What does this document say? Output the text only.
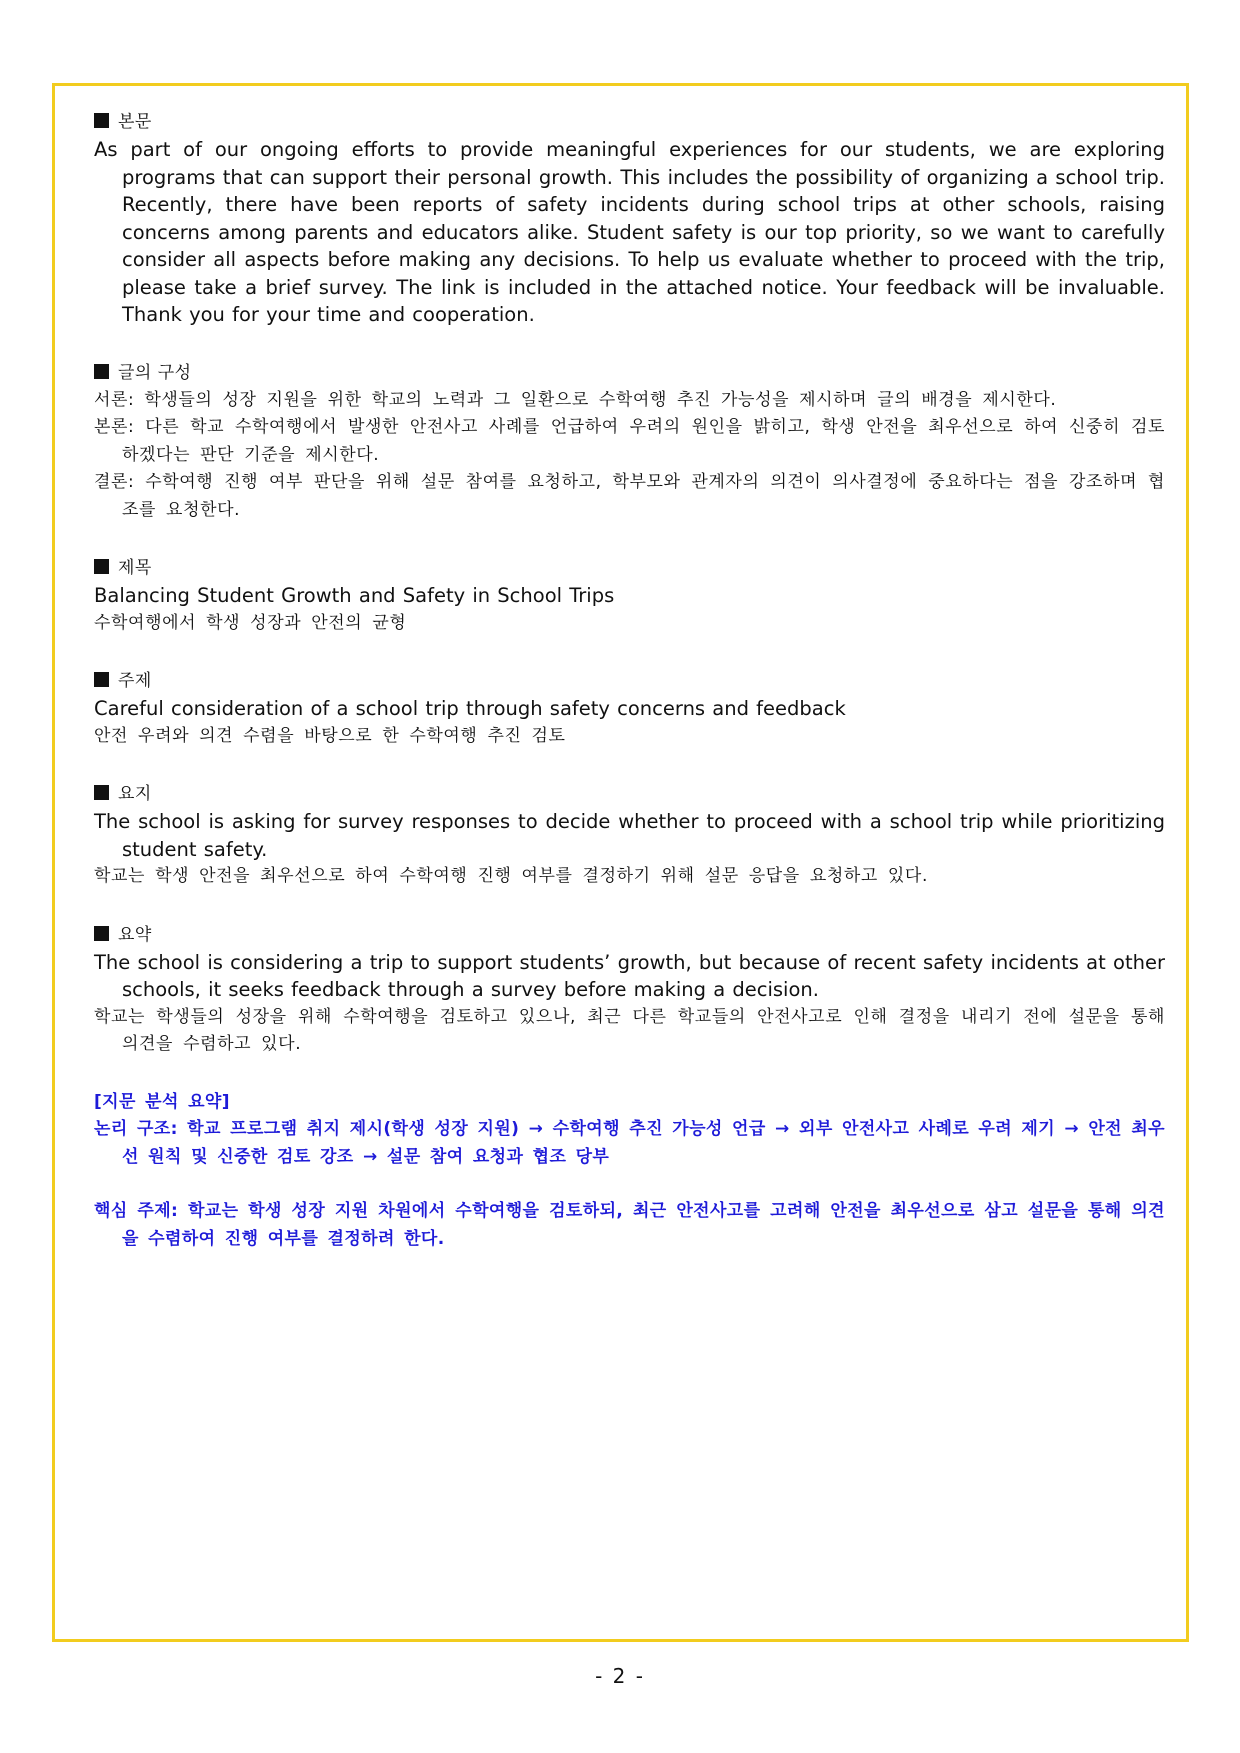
본문
As part of our ongoing efforts to provide meaningful experiences for our students, we are exploring programs that can support their personal growth. This includes the possibility of organizing a school trip. Recently, there have been reports of safety incidents during school trips at other schools, raising concerns among parents and educators alike. Student safety is our top priority, so we want to carefully consider all aspects before making any decisions. To help us evaluate whether to proceed with the trip, please take a brief survey. The link is included in the attached notice. Your feedback will be invaluable. Thank you for your time and cooperation.
글의 구성
서론: 학생들의 성장 지원을 위한 학교의 노력과 그 일환으로 수학여행 추진 가능성을 제시하며 글의 배경을 제시한다.
본론: 다른 학교 수학여행에서 발생한 안전사고 사례를 언급하여 우려의 원인을 밝히고, 학생 안전을 최우선으로 하여 신중히 검토하겠다는 판단 기준을 제시한다.
결론: 수학여행 진행 여부 판단을 위해 설문 참여를 요청하고, 학부모와 관계자의 의견이 의사결정에 중요하다는 점을 강조하며 협조를 요청한다.
제목
Balancing Student Growth and Safety in School Trips
수학여행에서 학생 성장과 안전의 균형
주제
Careful consideration of a school trip through safety concerns and feedback
안전 우려와 의견 수렴을 바탕으로 한 수학여행 추진 검토
요지
The school is asking for survey responses to decide whether to proceed with a school trip while prioritizing student safety.
학교는 학생 안전을 최우선으로 하여 수학여행 진행 여부를 결정하기 위해 설문 응답을 요청하고 있다.
요약
The school is considering a trip to support students’ growth, but because of recent safety incidents at other schools, it seeks feedback through a survey before making a decision.
학교는 학생들의 성장을 위해 수학여행을 검토하고 있으나, 최근 다른 학교들의 안전사고로 인해 결정을 내리기 전에 설문을 통해 의견을 수렴하고 있다.
[지문 분석 요약]
논리 구조: 학교 프로그램 취지 제시(학생 성장 지원) → 수학여행 추진 가능성 언급 → 외부 안전사고 사례로 우려 제기 → 안전 최우선 원칙 및 신중한 검토 강조 → 설문 참여 요청과 협조 당부
핵심 주제: 학교는 학생 성장 지원 차원에서 수학여행을 검토하되, 최근 안전사고를 고려해 안전을 최우선으로 삼고 설문을 통해 의견을 수렴하여 진행 여부를 결정하려 한다.
- 2 -
